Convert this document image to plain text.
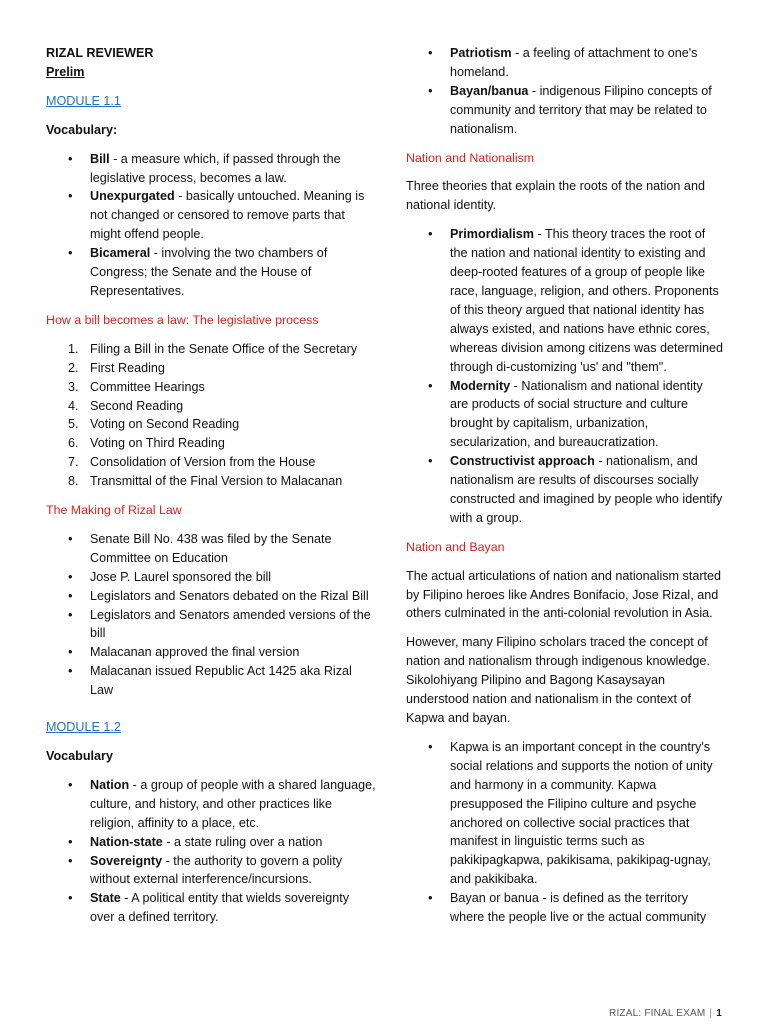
RIZAL REVIEWER

Prelim

MODULE 1.1

Vocabulary:

• Bill - a measure which, if passed through the legislative process, becomes a law.
• Unexpurgated - basically untouched. Meaning is not changed or censored to remove parts that might offend people.
• Bicameral - involving the two chambers of Congress; the Senate and the House of Representatives.

How a bill becomes a law: The legislative process

1. Filing a Bill in the Senate Office of the Secretary
2. First Reading
3. Committee Hearings
4. Second Reading
5. Voting on Second Reading
6. Voting on Third Reading
7. Consolidation of Version from the House
8. Transmittal of the Final Version to Malacanan

The Making of Rizal Law

• Senate Bill No. 438 was filed by the Senate Committee on Education
• Jose P. Laurel sponsored the bill
• Legislators and Senators debated on the Rizal Bill
• Legislators and Senators amended versions of the bill
• Malacanan approved the final version
• Malacanan issued Republic Act 1425 aka Rizal Law

MODULE 1.2

Vocabulary

• Nation - a group of people with a shared language, culture, and history, and other practices like religion, affinity to a place, etc.
• Nation-state - a state ruling over a nation
• Sovereignty - the authority to govern a polity without external interference/incursions.
• State - A political entity that wields sovereignty over a defined territory.
• Patriotism - a feeling of attachment to one's homeland.
• Bayan/banua - indigenous Filipino concepts of community and territory that may be related to nationalism.

Nation and Nationalism

Three theories that explain the roots of the nation and national identity.

• Primordialism - This theory traces the root of the nation and national identity to existing and deep-rooted features of a group of people like race, language, religion, and others. Proponents of this theory argued that national identity has always existed, and nations have ethnic cores, whereas division among citizens was determined through di-customizing 'us' and "them".
• Modernity - Nationalism and national identity are products of social structure and culture brought by capitalism, urbanization, secularization, and bureaucratization.
• Constructivist approach - nationalism, and nationalism are results of discourses socially constructed and imagined by people who identify with a group.

Nation and Bayan

The actual articulations of nation and nationalism started by Filipino heroes like Andres Bonifacio, Jose Rizal, and others culminated in the anti-colonial revolution in Asia.

However, many Filipino scholars traced the concept of nation and nationalism through indigenous knowledge. Sikolohiyang Pilipino and Bagong Kasaysayan understood nation and nationalism in the context of Kapwa and bayan.

• Kapwa is an important concept in the country's social relations and supports the notion of unity and harmony in a community. Kapwa presupposed the Filipino culture and psyche anchored on collective social practices that manifest in linguistic terms such as pakikipagkapwa, pakikisama, pakikipag-ugnay, and pakikibaka.
• Bayan or banua - is defined as the territory where the people live or the actual community
RIZAL: FINAL EXAM | 1
